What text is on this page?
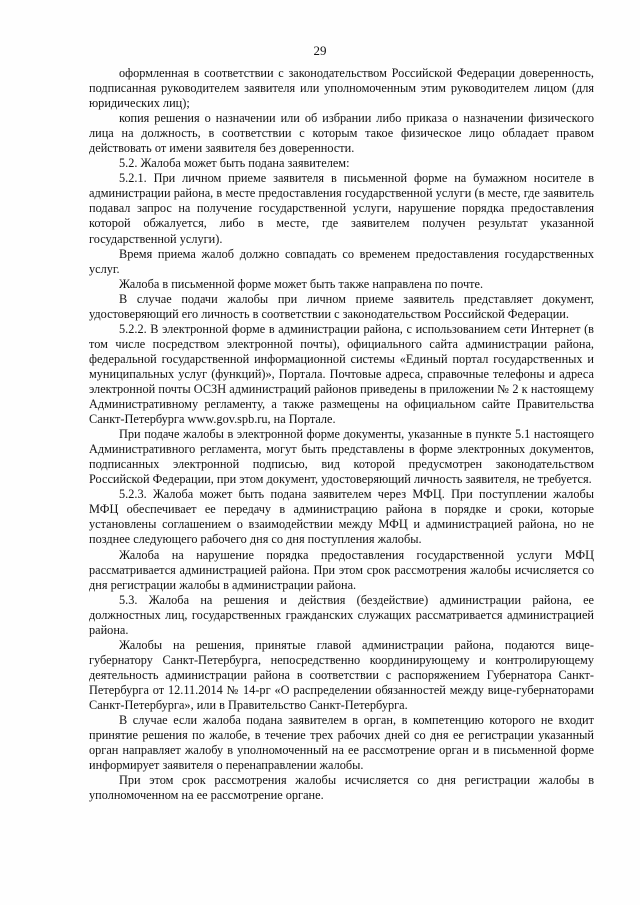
29

оформленная в соответствии с законодательством Российской Федерации доверенность, подписанная руководителем заявителя или уполномоченным этим руководителем лицом (для юридических лиц);

копия решения о назначении или об избрании либо приказа о назначении физического лица на должность, в соответствии с которым такое физическое лицо обладает правом действовать от имени заявителя без доверенности.

5.2. Жалоба может быть подана заявителем:

5.2.1. При личном приеме заявителя в письменной форме на бумажном носителе в администрации района, в месте предоставления государственной услуги (в месте, где заявитель подавал запрос на получение государственной услуги, нарушение порядка предоставления которой обжалуется, либо в месте, где заявителем получен результат указанной государственной услуги).

Время приема жалоб должно совпадать со временем предоставления государственных услуг.

Жалоба в письменной форме может быть также направлена по почте.

В случае подачи жалобы при личном приеме заявитель представляет документ, удостоверяющий его личность в соответствии с законодательством Российской Федерации.

5.2.2. В электронной форме в администрации района, с использованием сети Интернет (в том числе посредством электронной почты), официального сайта администрации района, федеральной государственной информационной системы «Единый портал государственных и муниципальных услуг (функций)», Портала. Почтовые адреса, справочные телефоны и адреса электронной почты ОСЗН администраций районов приведены в приложении № 2 к настоящему Административному регламенту, а также размещены на официальном сайте Правительства Санкт-Петербурга www.gov.spb.ru, на Портале.

При подаче жалобы в электронной форме документы, указанные в пункте 5.1 настоящего Административного регламента, могут быть представлены в форме электронных документов, подписанных электронной подписью, вид которой предусмотрен законодательством Российской Федерации, при этом документ, удостоверяющий личность заявителя, не требуется.

5.2.3. Жалоба может быть подана заявителем через МФЦ. При поступлении жалобы МФЦ обеспечивает ее передачу в администрацию района в порядке и сроки, которые установлены соглашением о взаимодействии между МФЦ и администрацией района, но не позднее следующего рабочего дня со дня поступления жалобы.

Жалоба на нарушение порядка предоставления государственной услуги МФЦ рассматривается администрацией района. При этом срок рассмотрения жалобы исчисляется со дня регистрации жалобы в администрации района.

5.3. Жалоба на решения и действия (бездействие) администрации района, ее должностных лиц, государственных гражданских служащих рассматривается администрацией района.

Жалобы на решения, принятые главой администрации района, подаются вице-губернатору Санкт-Петербурга, непосредственно координирующему и контролирующему деятельность администрации района в соответствии с распоряжением Губернатора Санкт-Петербурга от 12.11.2014 № 14-рг «О распределении обязанностей между вице-губернаторами Санкт-Петербурга», или в Правительство Санкт-Петербурга.

В случае если жалоба подана заявителем в орган, в компетенцию которого не входит принятие решения по жалобе, в течение трех рабочих дней со дня ее регистрации указанный орган направляет жалобу в уполномоченный на ее рассмотрение орган и в письменной форме информирует заявителя о перенаправлении жалобы.

При этом срок рассмотрения жалобы исчисляется со дня регистрации жалобы в уполномоченном на ее рассмотрение органе.
